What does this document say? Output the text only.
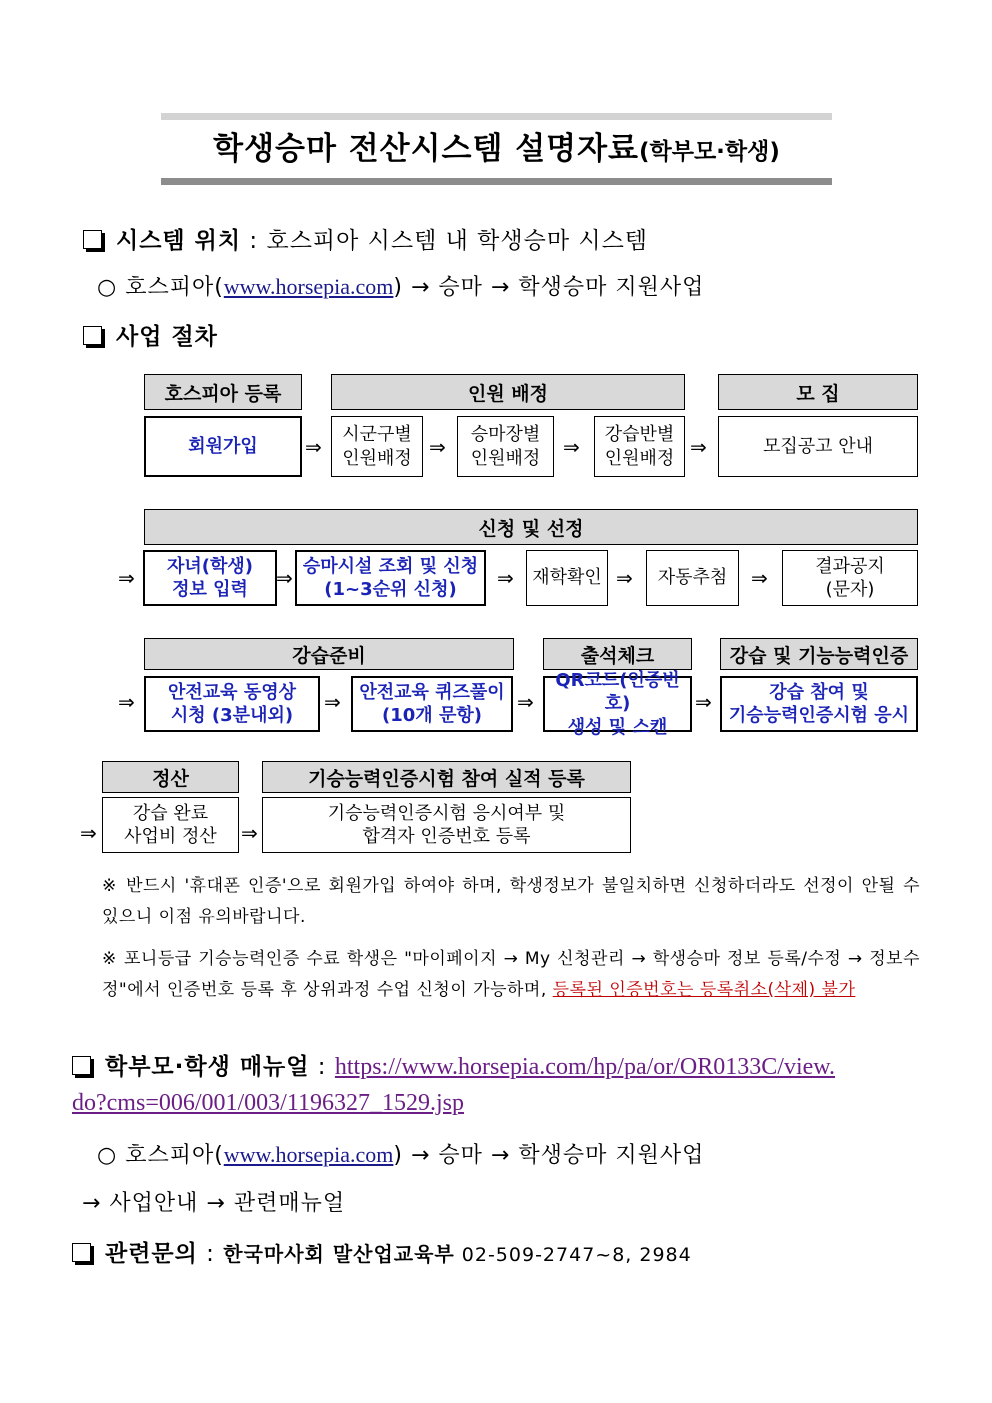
학생승마 전산시스템 설명자료(학부모·학생)
시스템 위치 : 호스피아 시스템 내 학생승마 시스템
○ 호스피아(www.horsepia.com) → 승마 → 학생승마 지원사업
사업 절차
호스피아 등록	인원 배정	모 집
회원가입	⇒
시군구별
인원배정 ⇒
승마장별
인원배정	⇒
강습반별
인원배정 ⇒	모집공고 안내
신청 및 선정
⇒	자녀(학생)
정보 입력	⇒ 승마시설 조회 및 신청
(1~3순위 신청)	⇒	재학확인 ⇒	자동추첨	⇒	결과공지
(문자)
강습준비	출석체크	강습 및 기능능력인증
⇒	안전교육 동영상
시청 (3분내외)
⇒	안전교육 퀴즈풀이
(10개 문항)
⇒
QR코드(인증번호)
생성 및 스캔
⇒	강습 참여 및
기승능력인증시험 응시
정산	기승능력인증시험 참여 실적 등록
⇒
강습 완료
사업비 정산	⇒
기승능력인증시험 응시여부 및
합격자 인증번호 등록
※ 반드시 '휴대폰 인증'으로 회원가입 하여야 하며, 학생정보가 불일치하면 신청하더라도 선정이 안될 수 있으니 이점 유의바랍니다.
※ 포니등급 기승능력인증 수료 학생은 "마이페이지 → My 신청관리 → 학생승마 정보 등록/수정 → 정보수정"에서 인증번호 등록 후 상위과정 수업 신청이 가능하며, 등록된 인증번호는 등록취소(삭제) 불가
학부모·학생 매뉴얼 : https://www.horsepia.com/hp/pa/or/OR0133C/view.
do?cms=006/001/003/1196327_1529.jsp
○ 호스피아(www.horsepia.com) → 승마 → 학생승마 지원사업
→ 사업안내 → 관련매뉴얼
관련문의 : 한국마사회 말산업교육부 02-509-2747~8, 2984
